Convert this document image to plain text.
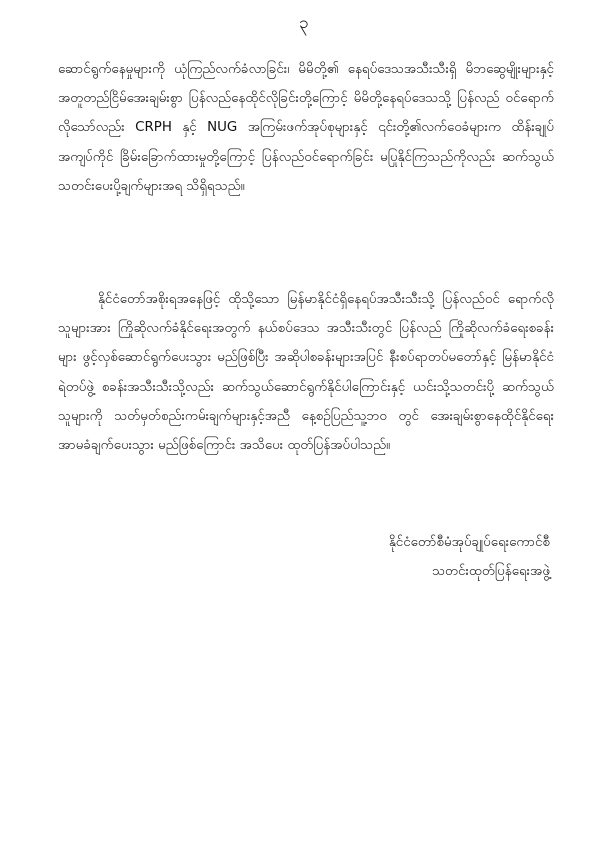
၃

ဆောင်ရွက်နေမှုများကို ယုံကြည်လက်ခံလာခြင်း၊ မိမိတို့၏ နေရပ်ဒေသအသီးသီးရှိ မိဘဆွေမျိုးများနှင့် အတူတည်ငြိမ်အေးချမ်းစွာ ပြန်လည်နေထိုင်လိုခြင်းတို့ကြောင့် မိမိတို့နေရပ်ဒေသသို့ ပြန်လည် ဝင်ရောက်လိုသော်လည်း CRPH နှင့် NUG အကြမ်းဖက်အုပ်စုများနှင့် ၎င်းတို့၏လက်ဝေခံများက ထိန်းချုပ်အကျပ်ကိုင် ခြိမ်းခြောက်ထားမှုတို့ကြောင့် ပြန်လည်ဝင်ရောက်ခြင်း မပြုနိုင်ကြသည်ကိုလည်း ဆက်သွယ်သတင်းပေးပို့ချက်များအရ သိရှိရသည်။

နိုင်ငံတော်အစိုးရအနေဖြင့် ထိုသို့သော မြန်မာနိုင်ငံရှိနေရပ်အသီးသီးသို့ ပြန်လည်ဝင် ရောက်လိုသူများအား ကြိုဆိုလက်ခံနိုင်ရေးအတွက် နယ်စပ်ဒေသ အသီးသီးတွင် ပြန်လည် ကြိုဆိုလက်ခံရေးစခန်းများ ဖွင့်လှစ်ဆောင်ရွက်ပေးသွား မည်ဖြစ်ပြီး အဆိုပါစခန်းများအပြင် နီးစပ်ရာတပ်မတော်နှင့် မြန်မာနိုင်ငံရဲတပ်ဖွဲ့ စခန်းအသီးသီးသို့လည်း ဆက်သွယ်ဆောင်ရွက်နိုင်ပါကြောင်းနှင့် ယင်းသို့သတင်းပို့ ဆက်သွယ်သူများကို သတ်မှတ်စည်းကမ်းချက်များနှင့်အညီ နေ့စဉ်ပြည်သူ့ဘဝ တွင် အေးချမ်းစွာနေထိုင်နိုင်ရေး အာမခံချက်ပေးသွား မည်ဖြစ်ကြောင်း အသိပေး ထုတ်ပြန်အပ်ပါသည်။

နိုင်ငံတော်စီမံအုပ်ချုပ်ရေးကောင်စီ
သတင်းထုတ်ပြန်ရေးအဖွဲ့
